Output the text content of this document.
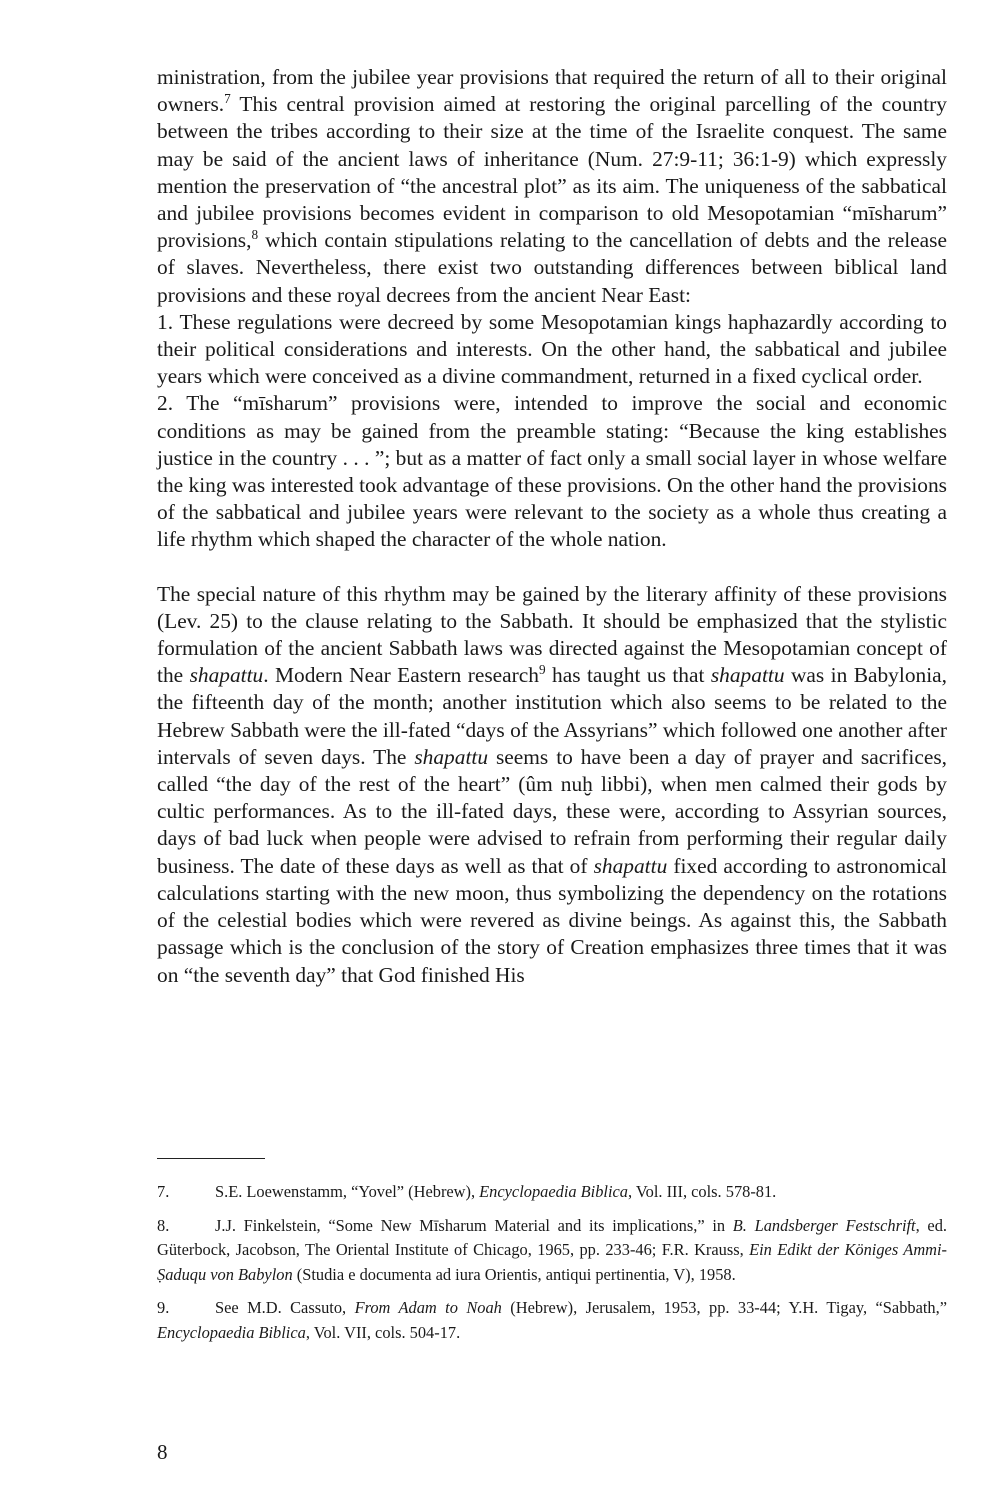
ministration, from the jubilee year provisions that required the return of all to their original owners.$^7$ This central provision aimed at restoring the original parcelling of the country between the tribes according to their size at the time of the Israelite conquest. The same may be said of the ancient laws of inheritance (Num. 27:9-11; 36:1-9) which expressly mention the preservation of “the ancestral plot” as its aim. The uniqueness of the sabbatical and jubilee provisions becomes evident in comparison to old Mesopotamian “mīsharum” provisions,$^8$ which contain stipulations relating to the cancellation of debts and the release of slaves. Nevertheless, there exist two outstanding differences between biblical land provisions and these royal decrees from the ancient Near East:

1. These regulations were decreed by some Mesopotamian kings haphazardly according to their political considerations and interests. On the other hand, the sabbatical and jubilee years which were conceived as a divine commandment, returned in a fixed cyclical order.

2. The “mīsharum” provisions were, intended to improve the social and economic conditions as may be gained from the preamble stating: “Because the king establishes justice in the country . . . ”; but as a matter of fact only a small social layer in whose welfare the king was interested took advantage of these provisions. On the other hand the provisions of the sabbatical and jubilee years were relevant to the society as a whole thus creating a life rhythm which shaped the character of the whole nation.

The special nature of this rhythm may be gained by the literary affinity of these provisions (Lev. 25) to the clause relating to the Sabbath. It should be emphasized that the stylistic formulation of the ancient Sabbath laws was directed against the Mesopotamian concept of the shapattu. Modern Near Eastern research$^9$ has taught us that shapattu was in Babylonia, the fifteenth day of the month; another institution which also seems to be related to the Hebrew Sabbath were the ill-fated “days of the Assyrians” which followed one another after intervals of seven days. The shapattu seems to have been a day of prayer and sacrifices, called “the day of the rest of the heart” (ûm nuḫ libbi), when men calmed their gods by cultic performances. As to the ill-fated days, these were, according to Assyrian sources, days of bad luck when people were advised to refrain from performing their regular daily business. The date of these days as well as that of shapattu fixed according to astronomical calculations starting with the new moon, thus symbolizing the dependency on the rotations of the celestial bodies which were revered as divine beings. As against this, the Sabbath passage which is the conclusion of the story of Creation emphasizes three times that it was on “the seventh day” that God finished His

7.	S.E. Loewenstamm, “Yovel” (Hebrew), Encyclopaedia Biblica, Vol. III, cols. 578-81.

8.	J.J. Finkelstein, “Some New Mīsharum Material and its implications,” in B. Landsberger Festschrift, ed. Güterbock, Jacobson, The Oriental Institute of Chicago, 1965, pp. 233-46; F.R. Krauss, Ein Edikt der Königes Ammi-Ṣaduqu von Babylon (Studia e documenta ad iura Orientis, antiqui pertinentia, V), 1958.

9.	See M.D. Cassuto, From Adam to Noah (Hebrew), Jerusalem, 1953, pp. 33-44; Y.H. Tigay, “Sabbath,” Encyclopaedia Biblica, Vol. VII, cols. 504-17.

8
